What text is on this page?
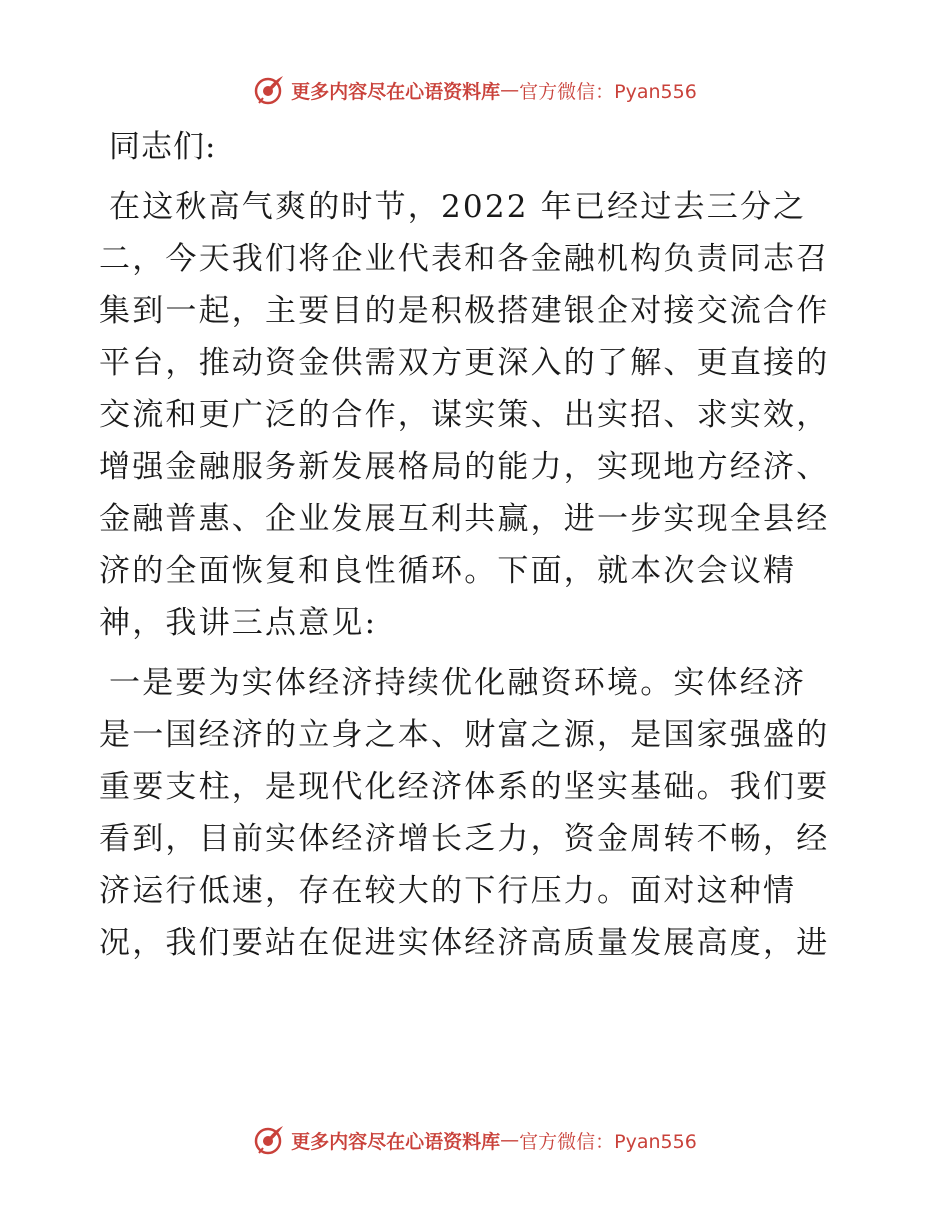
更多内容尽在心语资料库 — 官方微信：Pyan556
同志们:

在这秋高气爽的时节，2022 年已经过去三分之
二，今天我们将企业代表和各金融机构负责同志召
集到一起，主要目的是积极搭建银企对接交流合作
平台，推动资金供需双方更深入的了解、更直接的
交流和更广泛的合作，谋实策、出实招、求实效，
增强金融服务新发展格局的能力，实现地方经济、
金融普惠、企业发展互利共赢，进一步实现全县经
济的全面恢复和良性循环。下面，就本次会议精
神，我讲三点意见:

一是要为实体经济持续优化融资环境。实体经济
是一国经济的立身之本、财富之源，是国家强盛的
重要支柱，是现代化经济体系的坚实基础。我们要
看到，目前实体经济增长乏力，资金周转不畅，经
济运行低速，存在较大的下行压力。面对这种情
况，我们要站在促进实体经济高质量发展高度，进

更多内容尽在心语资料库 — 官方微信：Pyan556
